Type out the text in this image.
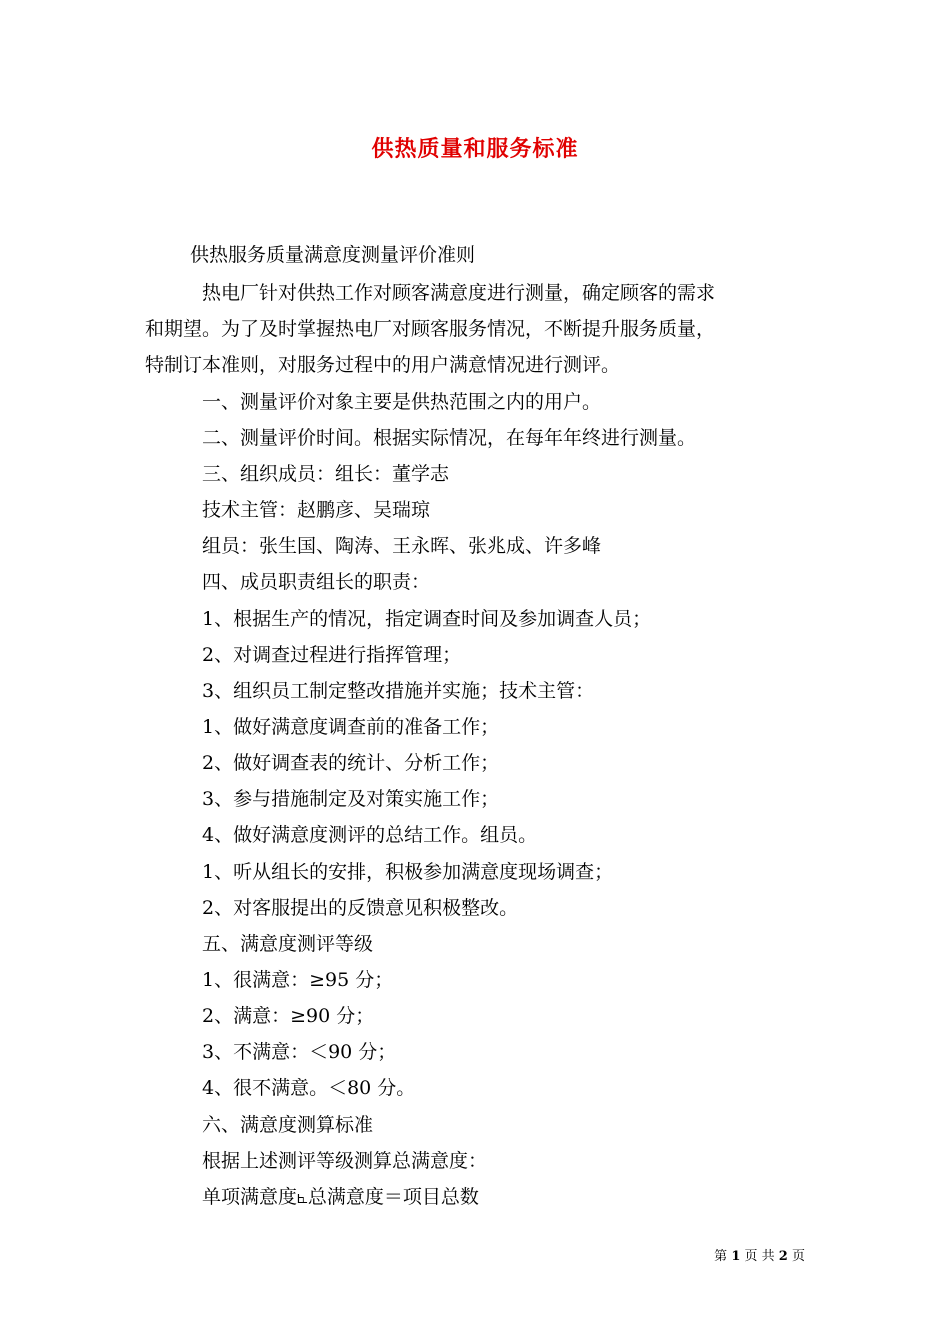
供热质量和服务标准
供热服务质量满意度测量评价准则
热电厂针对供热工作对顾客满意度进行测量，确定顾客的需求
和期望。为了及时掌握热电厂对顾客服务情况，不断提升服务质量，
特制订本准则，对服务过程中的用户满意情况进行测评。
一、测量评价对象主要是供热范围之内的用户。
二、测量评价时间。根据实际情况，在每年年终进行测量。
三、组织成员：组长：董学志
技术主管：赵鹏彦、吴瑞琼
组员：张生国、陶涛、王永晖、张兆成、许多峰
四、成员职责组长的职责：
1、根据生产的情况，指定调查时间及参加调查人员；
2、对调查过程进行指挥管理；
3、组织员工制定整改措施并实施；技术主管：
1、做好满意度调查前的准备工作；
2、做好调查表的统计、分析工作；
3、参与措施制定及对策实施工作；
4、做好满意度测评的总结工作。组员。
1、听从组长的安排，积极参加满意度现场调查；
2、对客服提出的反馈意见积极整改。
五、满意度测评等级
1、很满意：≥95 分；
2、满意：≥90 分；
3、不满意：＜90 分；
4、很不满意。＜80 分。
六、满意度测算标准
根据上述测评等级测算总满意度：
单项满意度⦜总满意度＝项目总数
第 1 页 共 2 页
